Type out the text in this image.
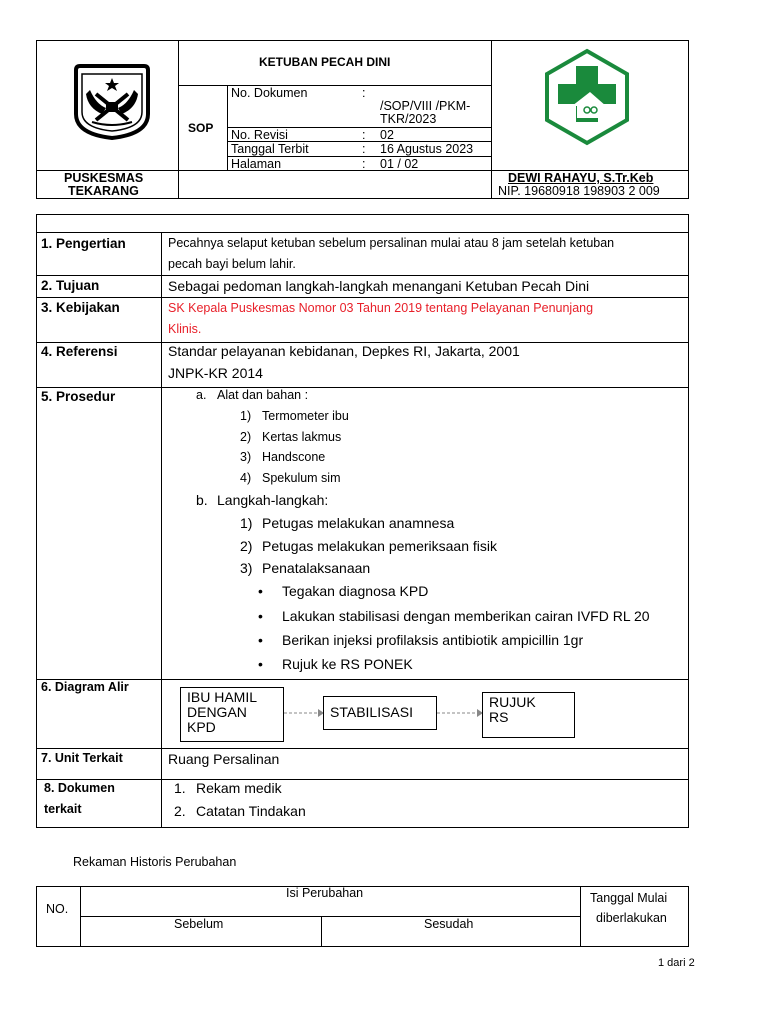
KETUBAN PECAH DINI
SOP
No. Dokumen	:
/SOP/VIII /PKM-
TKR/2023
No. Revisi	: 02
Tanggal Terbit	: 16 Agustus 2023
Halaman	: 01 / 02
PUSKESMAS
TEKARANG
DEWI RAHAYU, S.Tr.Keb
NIP. 19680918 198903 2 009
1. Pengertian	Pecahnya selaput ketuban sebelum persalinan mulai atau 8 jam setelah ketuban
pecah bayi belum lahir.
2. Tujuan	Sebagai pedoman langkah-langkah menangani Ketuban Pecah Dini
3. Kebijakan	SK Kepala Puskesmas Nomor 03 Tahun 2019 tentang Pelayanan Penunjang
Klinis.
4. Referensi	Standar pelayanan kebidanan, Depkes RI, Jakarta, 2001
JNPK-KR 2014
5. Prosedur	a. Alat dan bahan :
1) Termometer ibu
2) Kertas lakmus
3) Handscone
4) Spekulum sim
b. Langkah-langkah:
1) Petugas melakukan anamnesa
2) Petugas melakukan pemeriksaan fisik
3) Penatalaksanaan
• Tegakan diagnosa KPD
• Lakukan stabilisasi dengan memberikan cairan IVFD RL 20
• Berikan injeksi profilaksis antibiotik ampicillin 1gr
• Rujuk ke RS PONEK
6. Diagram Alir
IBU HAMIL
DENGAN
KPD
STABILISASI
RUJUK
RS
7. Unit Terkait	Ruang Persalinan
8. Dokumen
terkait
1. Rekam medik
2. Catatan Tindakan
Rekaman Historis Perubahan
NO.
Isi Perubahan
Sebelum	Sesudah
Tanggal Mulai
diberlakukan
1 dari 2
